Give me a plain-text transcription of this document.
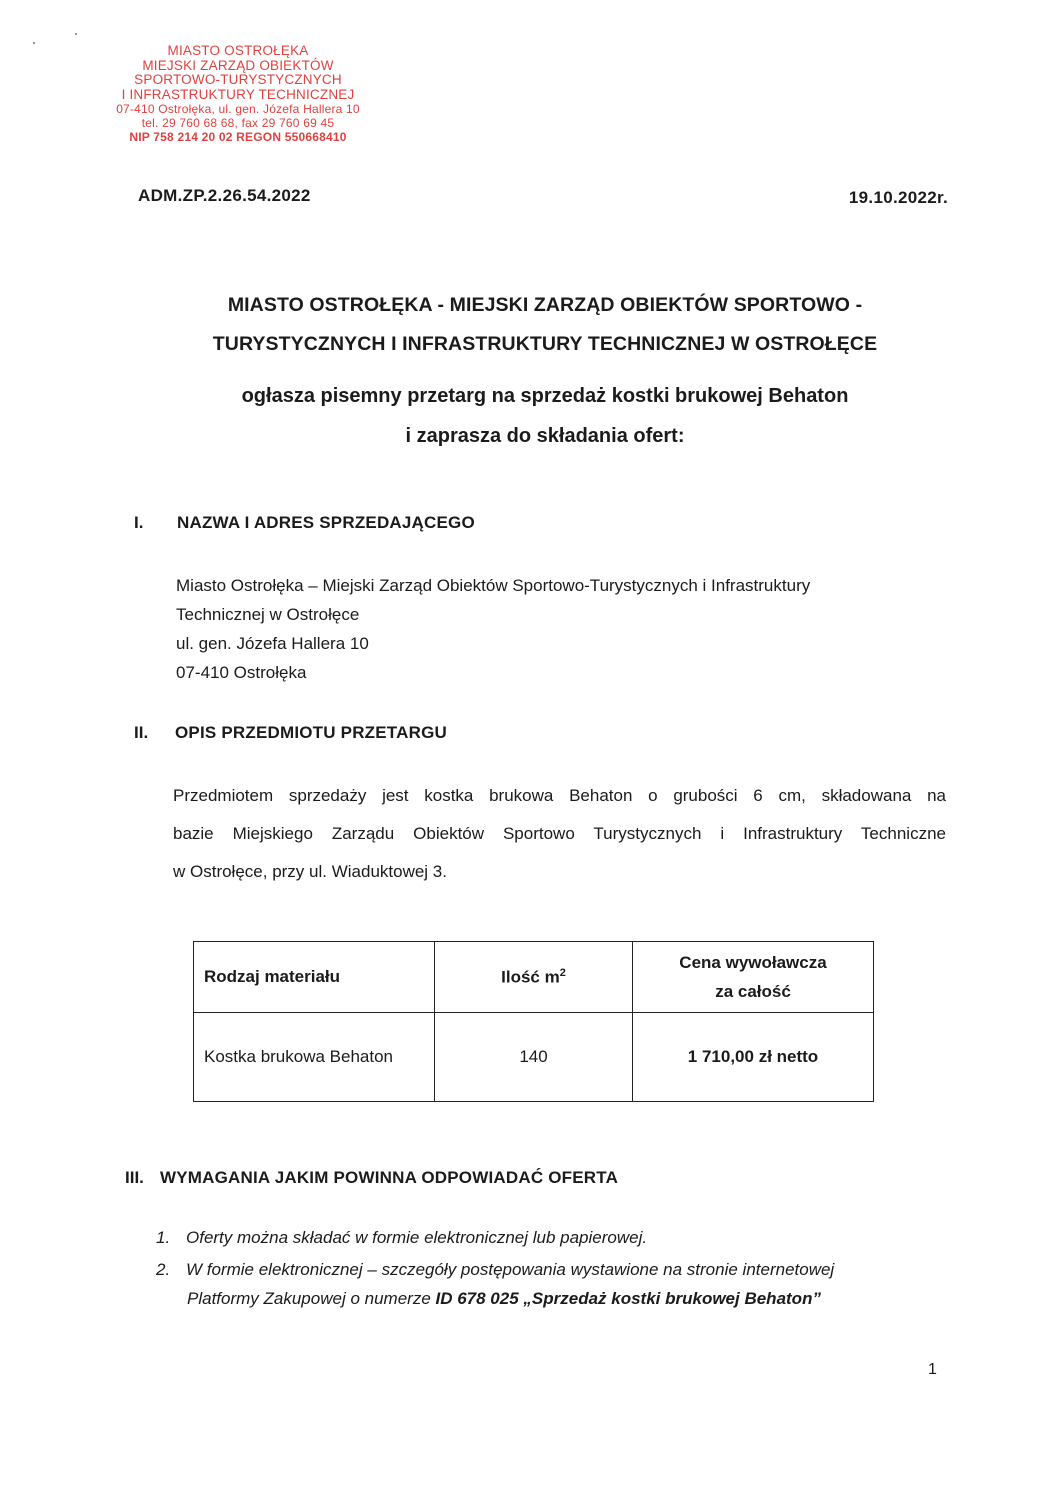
MIASTO OSTROŁĘKA
MIEJSKI ZARZĄD OBIEKTÓW
SPORTOWO-TURYSTYCZNYCH
I INFRASTRUKTURY TECHNICZNEJ
07-410 Ostrołęka, ul. gen. Józefa Hallera 10
tel. 29 760 68 68, fax 29 760 69 45
NIP 758 214 20 02 REGON 550668410
ADM.ZP.2.26.54.2022	19.10.2022r.
MIASTO OSTROŁĘKA - MIEJSKI ZARZĄD OBIEKTÓW SPORTOWO -
TURYSTYCZNYCH I INFRASTRUKTURY TECHNICZNEJ W OSTROŁĘCE
ogłasza pisemny przetarg na sprzedaż kostki brukowej Behaton
i zaprasza do składania ofert:
I. NAZWA I ADRES SPRZEDAJĄCEGO
Miasto Ostrołęka – Miejski Zarząd Obiektów Sportowo-Turystycznych i Infrastruktury
Technicznej w Ostrołęce
ul. gen. Józefa Hallera 10
07-410 Ostrołęka
II. OPIS PRZEDMIOTU PRZETARGU
Przedmiotem sprzedaży jest kostka brukowa Behaton o grubości 6 cm, składowana na
bazie Miejskiego Zarządu Obiektów Sportowo Turystycznych i Infrastruktury Techniczne
w Ostrołęce, przy ul. Wiaduktowej 3.
Rodzaj materiału	Ilość $m^2$	Cena wywoławcza
za całość

Kostka brukowa Behaton	140	1 710,00 zł netto
III. WYMAGANIA JAKIM POWINNA ODPOWIADAĆ OFERTA
1. Oferty można składać w formie elektronicznej lub papierowej.
2. W formie elektronicznej – szczegóły postępowania wystawione na stronie internetowej
Platformy Zakupowej o numerze ID 678 025 „Sprzedaż kostki brukowej Behaton”
1
